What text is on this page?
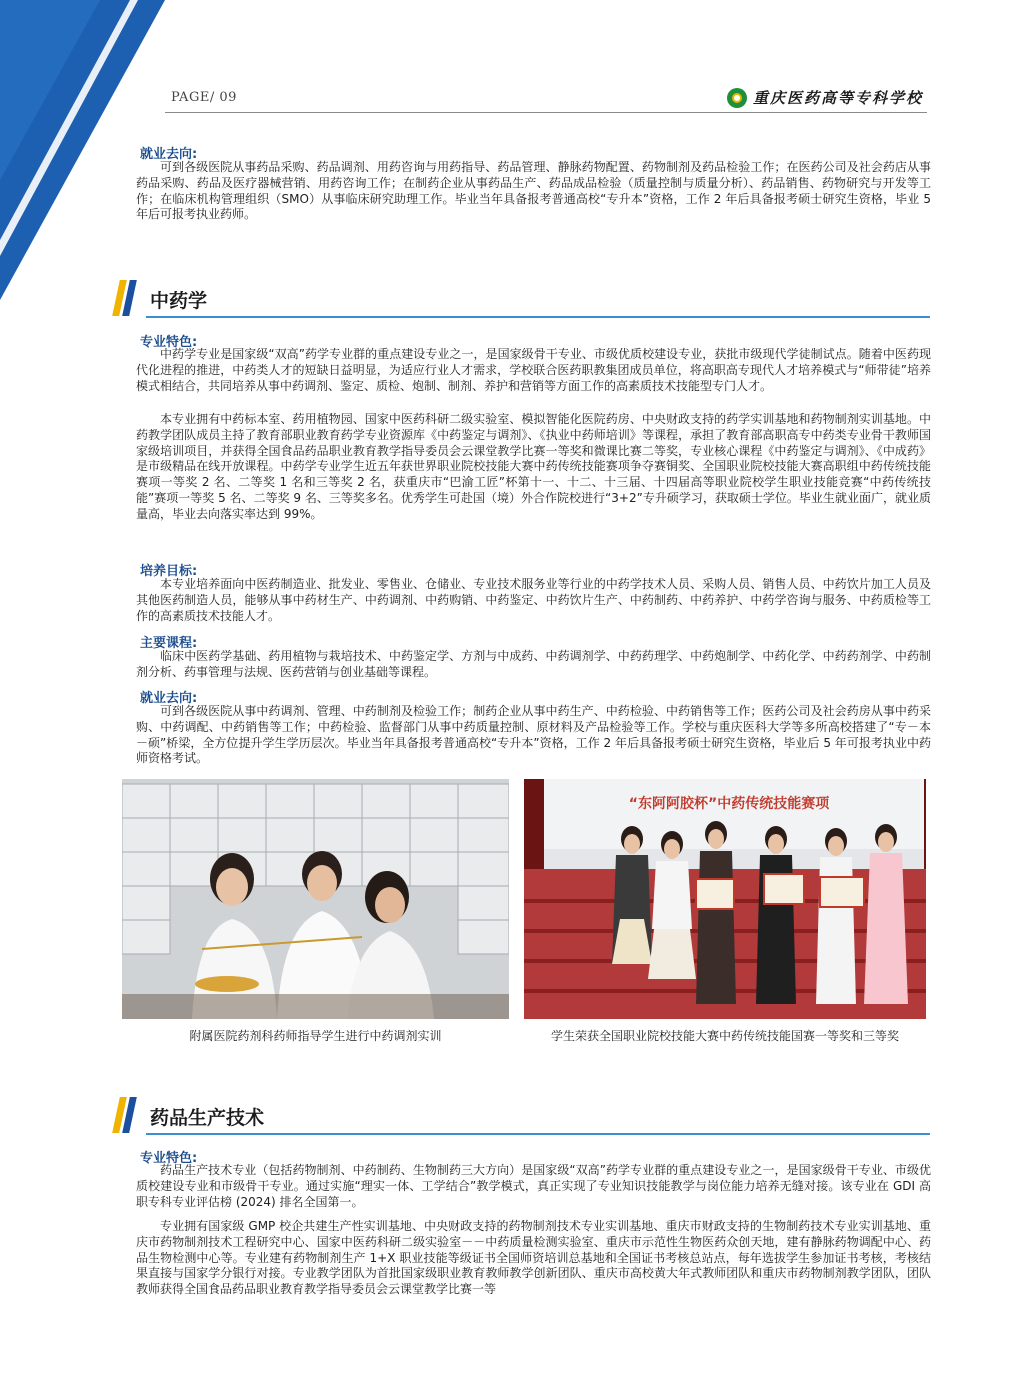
PAGE/ 09	重庆医药高等专科学校
就业去向:

可到各级医院从事药品采购、药品调剂、用药咨询与用药指导、药品管理、静脉药物配置、药物制剂及药品检验工作；在医药公司及社会药店从事药品采购、药品及医疗器械营销、用药咨询工作；在制药企业从事药品生产、药品成品检验（质量控制与质量分析）、药品销售、药物研究与开发等工作；在临床机构管理组织（SMO）从事临床研究助理工作。毕业当年具备报考普通高校“专升本”资格，工作 2 年后具备报考硕士研究生资格，毕业 5 年后可报考执业药师。

中药学
专业特色:

中药学专业是国家级“双高”药学专业群的重点建设专业之一，是国家级骨干专业、市级优质校建设专业，获批市级现代学徒制试点。随着中医药现代化进程的推进，中药类人才的短缺日益明显，为适应行业人才需求，学校联合医药职教集团成员单位，将高职高专现代人才培养模式与“师带徒”培养模式相结合，共同培养从事中药调剂、鉴定、质检、炮制、制剂、养护和营销等方面工作的高素质技术技能型专门人才。

本专业拥有中药标本室、药用植物园、国家中医药科研二级实验室、模拟智能化医院药房、中央财政支持的药学实训基地和药物制剂实训基地。中药教学团队成员主持了教育部职业教育药学专业资源库《中药鉴定与调剂》、《执业中药师培训》等课程，承担了教育部高职高专中药类专业骨干教师国家级培训项目，并获得全国食品药品职业教育教学指导委员会云课堂教学比赛一等奖和微课比赛二等奖，专业核心课程《中药鉴定与调剂》、《中成药》是市级精品在线开放课程。中药学专业学生近五年获世界职业院校技能大赛中药传统技能赛项争夺赛铜奖、全国职业院校技能大赛高职组中药传统技能赛项一等奖 2 名、二等奖 1 名和三等奖 2 名，获重庆市“巴渝工匠”杯第十一、十二、十三届、十四届高等职业院校学生职业技能竞赛“中药传统技能”赛项一等奖 5 名、二等奖 9 名、三等奖多名。优秀学生可赴国（境）外合作院校进行“3+2”专升硕学习，获取硕士学位。毕业生就业面广，就业质量高，毕业去向落实率达到 99%。

培养目标:

本专业培养面向中医药制造业、批发业、零售业、仓储业、专业技术服务业等行业的中药学技术人员、采购人员、销售人员、中药饮片加工人员及其他医药制造人员，能够从事中药材生产、中药调剂、中药购销、中药鉴定、中药饮片生产、中药制药、中药养护、中药学咨询与服务、中药质检等工作的高素质技术技能人才。

主要课程:

临床中医药学基础、药用植物与栽培技术、中药鉴定学、方剂与中成药、中药调剂学、中药药理学、中药炮制学、中药化学、中药药剂学、中药制剂分析、药事管理与法规、医药营销与创业基础等课程。

就业去向:

可到各级医院从事中药调剂、管理、中药制剂及检验工作；制药企业从事中药生产、中药检验、中药销售等工作；医药公司及社会药房从事中药采购、中药调配、中药销售等工作；中药检验、监督部门从事中药质量控制、原材料及产品检验等工作。学校与重庆医科大学等多所高校搭建了“专－本－硕”桥梁，全方位提升学生学历层次。毕业当年具备报考普通高校“专升本”资格，工作 2 年后具备报考硕士研究生资格，毕业后 5 年可报考执业中药师资格考试。

附属医院药剂科药师指导学生进行中药调剂实训
“东阿阿胶杯”中药传统技能赛项
学生荣获全国职业院校技能大赛中药传统技能国赛一等奖和三等奖
药品生产技术
专业特色:

药品生产技术专业（包括药物制剂、中药制药、生物制药三大方向）是国家级“双高”药学专业群的重点建设专业之一，是国家级骨干专业、市级优质校建设专业和市级骨干专业。通过实施“理实一体、工学结合”教学模式，真正实现了专业知识技能教学与岗位能力培养无缝对接。该专业在 GDI 高职专科专业评估榜 (2024) 排名全国第一。

专业拥有国家级 GMP 校企共建生产性实训基地、中央财政支持的药物制剂技术专业实训基地、重庆市财政支持的生物制药技术专业实训基地、重庆市药物制剂技术工程研究中心、国家中医药科研二级实验室－－中药质量检测实验室、重庆市示范性生物医药众创天地，建有静脉药物调配中心、药品生物检测中心等。专业建有药物制剂生产 1+X 职业技能等级证书全国师资培训总基地和全国证书考核总站点，每年选拔学生参加证书考核，考核结果直接与国家学分银行对接。专业教学团队为首批国家级职业教育教师教学创新团队、重庆市高校黄大年式教师团队和重庆市药物制剂教学团队，团队教师获得全国食品药品职业教育教学指导委员会云课堂教学比赛一等
